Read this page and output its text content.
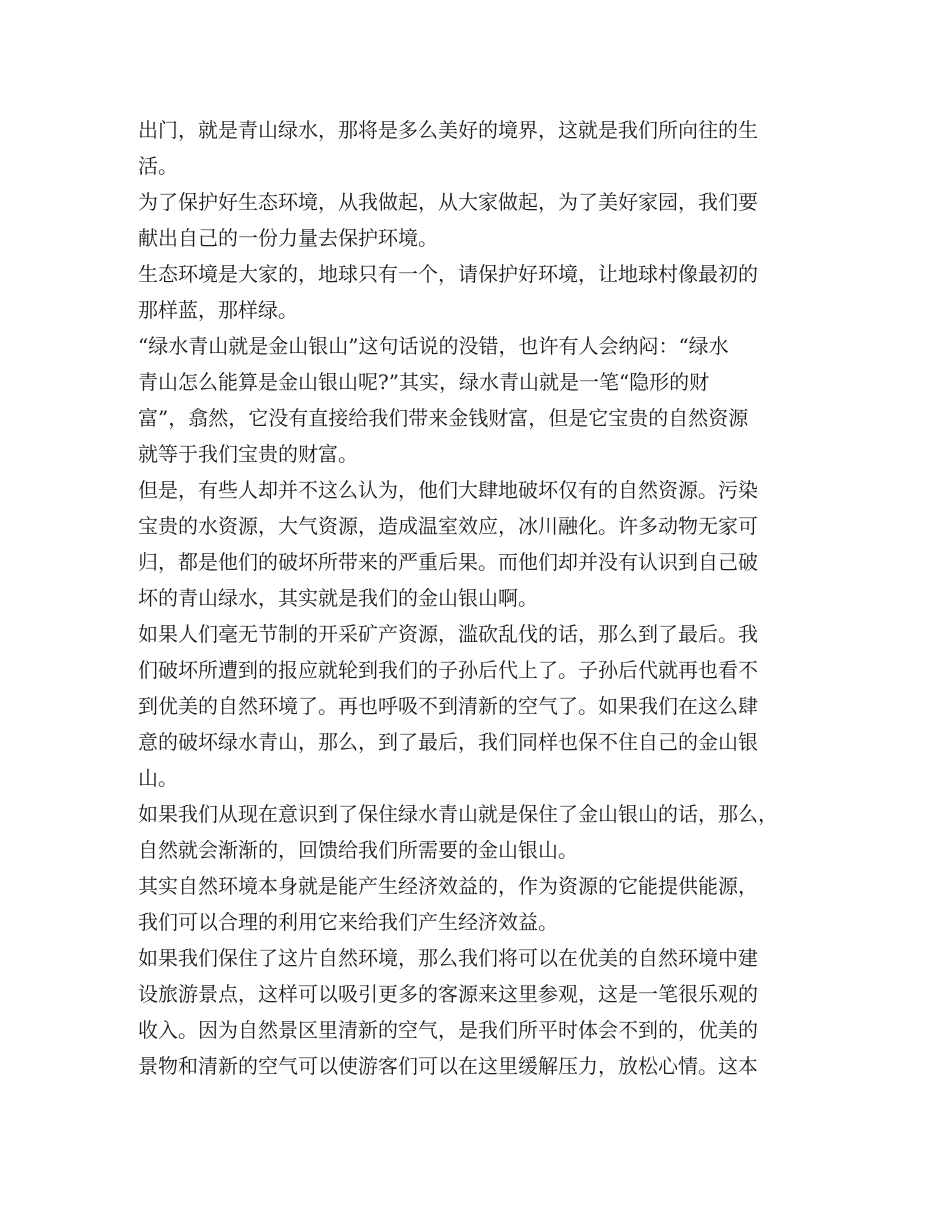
出门，就是青山绿水，那将是多么美好的境界，这就是我们所向往的生
活。
为了保护好生态环境，从我做起，从大家做起，为了美好家园，我们要
献出自己的一份力量去保护环境。
生态环境是大家的，地球只有一个，请保护好环境，让地球村像最初的
那样蓝，那样绿。
“绿水青山就是金山银山”这句话说的没错，也许有人会纳闷：“绿水
青山怎么能算是金山银山呢?”其实，绿水青山就是一笔“隐形的财
富”，翕然，它没有直接给我们带来金钱财富，但是它宝贵的自然资源
就等于我们宝贵的财富。
但是，有些人却并不这么认为，他们大肆地破坏仅有的自然资源。污染
宝贵的水资源，大气资源，造成温室效应，冰川融化。许多动物无家可
归，都是他们的破坏所带来的严重后果。而他们却并没有认识到自己破
坏的青山绿水，其实就是我们的金山银山啊。
如果人们毫无节制的开采矿产资源，滥砍乱伐的话，那么到了最后。我
们破坏所遭到的报应就轮到我们的子孙后代上了。子孙后代就再也看不
到优美的自然环境了。再也呼吸不到清新的空气了。如果我们在这么肆
意的破坏绿水青山，那么，到了最后，我们同样也保不住自己的金山银
山。
如果我们从现在意识到了保住绿水青山就是保住了金山银山的话，那么，
自然就会渐渐的，回馈给我们所需要的金山银山。
其实自然环境本身就是能产生经济效益的，作为资源的它能提供能源，
我们可以合理的利用它来给我们产生经济效益。
如果我们保住了这片自然环境，那么我们将可以在优美的自然环境中建
设旅游景点，这样可以吸引更多的客源来这里参观，这是一笔很乐观的
收入。因为自然景区里清新的空气，是我们所平时体会不到的，优美的
景物和清新的空气可以使游客们可以在这里缓解压力，放松心情。这本
